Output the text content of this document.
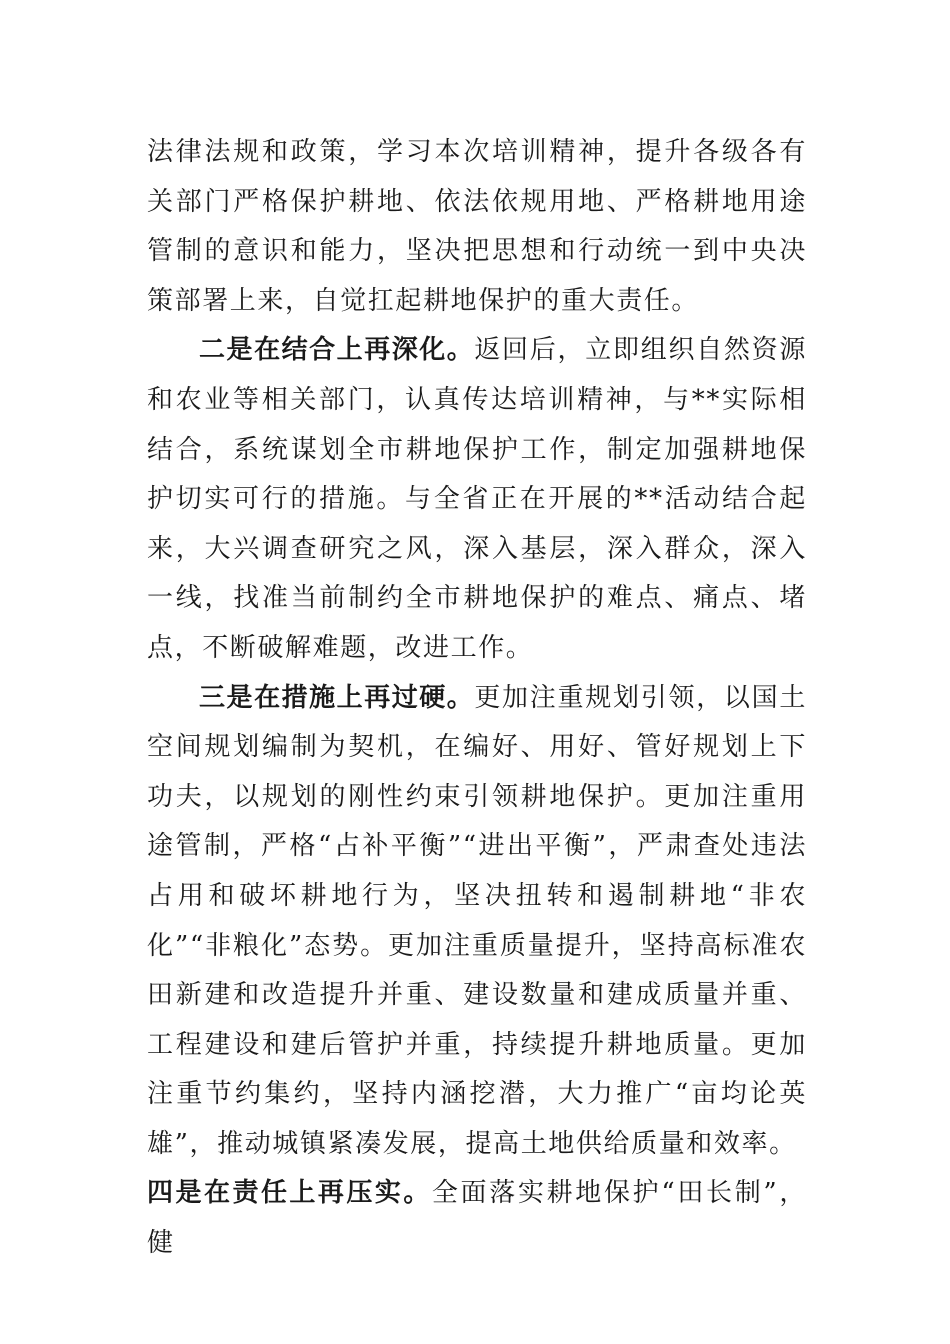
法律法规和政策，学习本次培训精神，提升各级各有关部门严格保护耕地、依法依规用地、严格耕地用途管制的意识和能力，坚决把思想和行动统一到中央决策部署上来，自觉扛起耕地保护的重大责任。

二是在结合上再深化。返回后，立即组织自然资源和农业等相关部门，认真传达培训精神，与**实际相结合，系统谋划全市耕地保护工作，制定加强耕地保护切实可行的措施。与全省正在开展的**活动结合起来，大兴调查研究之风，深入基层，深入群众，深入一线，找准当前制约全市耕地保护的难点、痛点、堵点，不断破解难题，改进工作。

三是在措施上再过硬。更加注重规划引领，以国土空间规划编制为契机，在编好、用好、管好规划上下功夫，以规划的刚性约束引领耕地保护。更加注重用途管制，严格“占补平衡”“进出平衡”，严肃查处违法占用和破坏耕地行为，坚决扭转和遏制耕地“非农化”“非粮化”态势。更加注重质量提升，坚持高标准农田新建和改造提升并重、建设数量和建成质量并重、工程建设和建后管护并重，持续提升耕地质量。更加注重节约集约，坚持内涵挖潜，大力推广“亩均论英雄”，推动城镇紧凑发展，提高土地供给质量和效率。

四是在责任上再压实。全面落实耕地保护“田长制”，健
